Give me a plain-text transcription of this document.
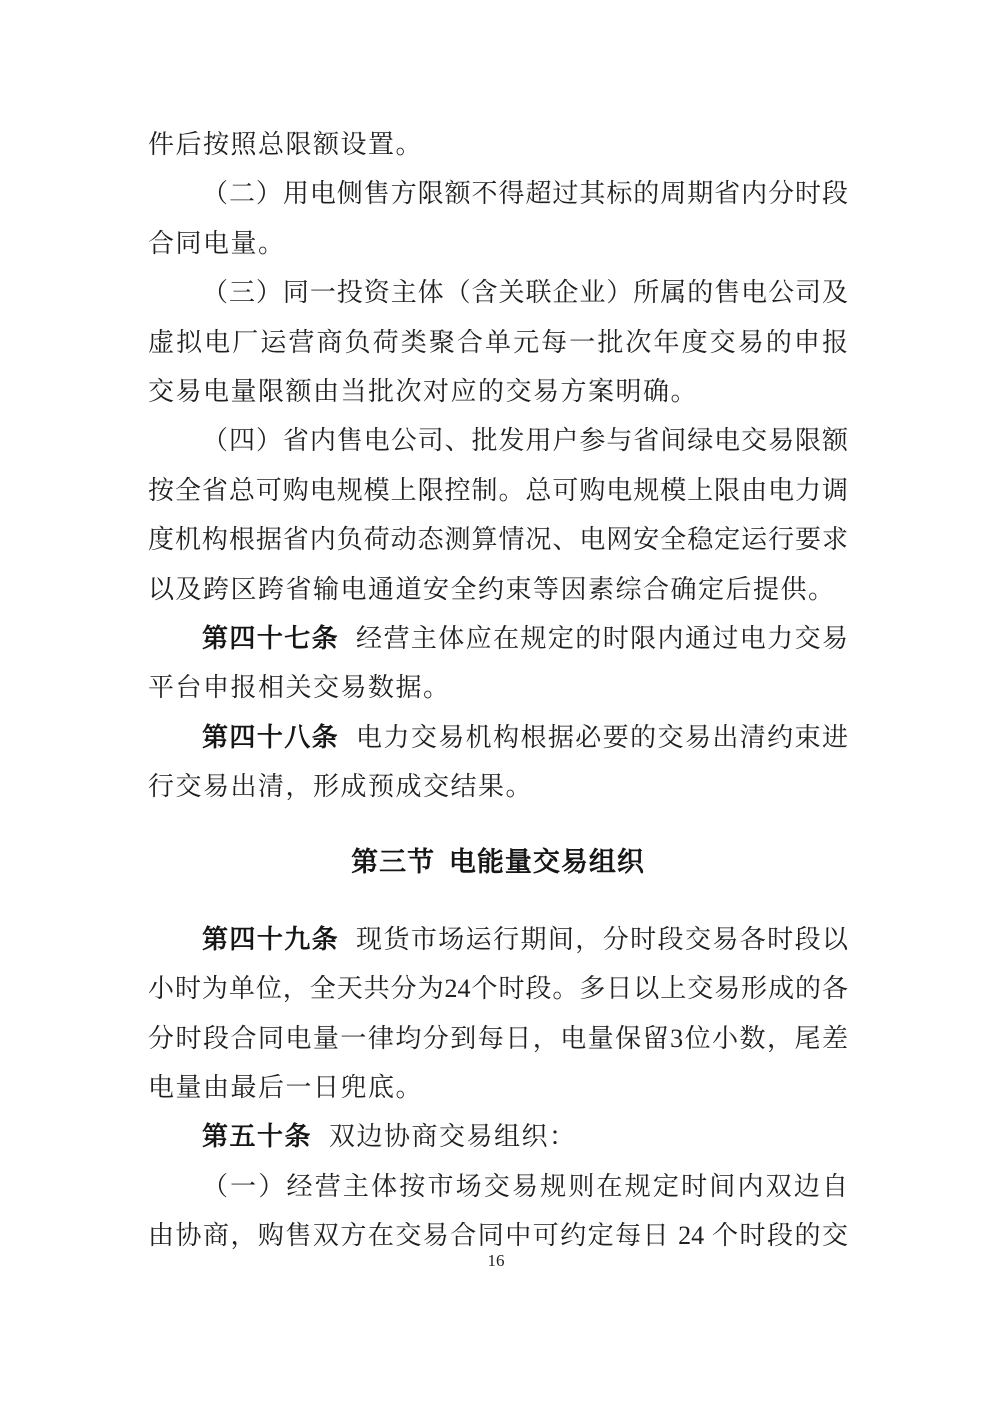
件后按照总限额设置。
（二）用电侧售方限额不得超过其标的周期省内分时段
合同电量。
（三）同一投资主体（含关联企业）所属的售电公司及
虚拟电厂运营商负荷类聚合单元每一批次年度交易的申报
交易电量限额由当批次对应的交易方案明确。
（四）省内售电公司、批发用户参与省间绿电交易限额
按全省总可购电规模上限控制。总可购电规模上限由电力调
度机构根据省内负荷动态测算情况、电网安全稳定运行要求
以及跨区跨省输电通道安全约束等因素综合确定后提供。
第四十七条 经营主体应在规定的时限内通过电力交易
平台申报相关交易数据。
第四十八条 电力交易机构根据必要的交易出清约束进
行交易出清，形成预成交结果。
第三节 电能量交易组织
第四十九条 现货市场运行期间，分时段交易各时段以
小时为单位，全天共分为24个时段。多日以上交易形成的各
分时段合同电量一律均分到每日，电量保留3位小数，尾差
电量由最后一日兜底。
第五十条 双边协商交易组织：
（一）经营主体按市场交易规则在规定时间内双边自
由协商，购售双方在交易合同中可约定每日 24 个时段的交
16
